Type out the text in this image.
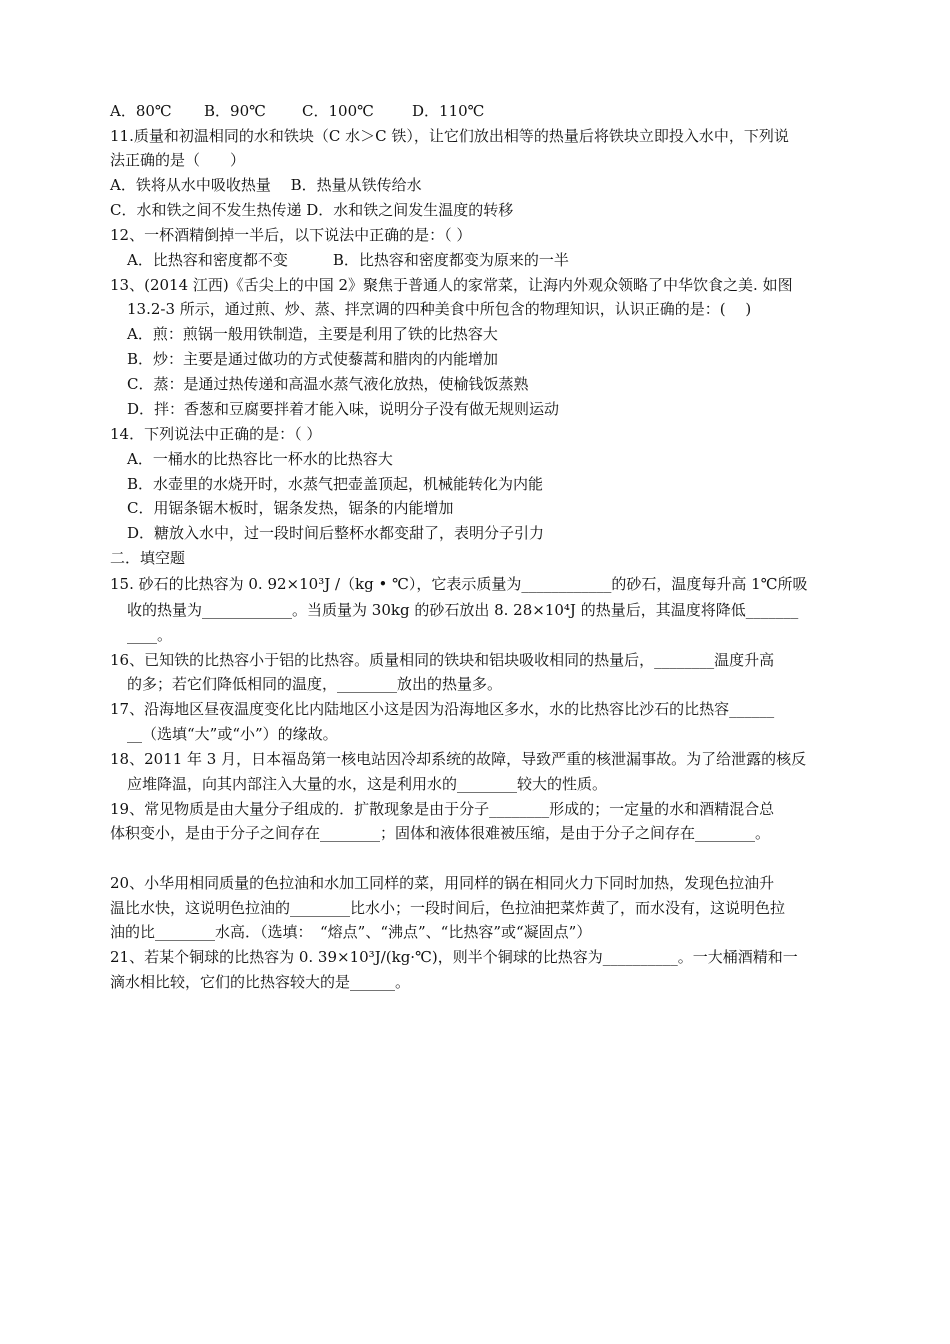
A．80℃ B．90℃ C．100℃	D．110℃
11.质量和初温相同的水和铁块（C 水＞C 铁），让它们放出相等的热量后将铁块立即投入水中，下列说
法正确的是（　　）
A．铁将从水中吸收热量　 B．热量从铁传给水
C．水和铁之间不发生热传递 D．水和铁之间发生温度的转移
12、一杯酒精倒掉一半后，以下说法中正确的是：（ ）
A．比热容和密度都不变　　　B．比热容和密度都变为原来的一半
13、(2014 江西)《舌尖上的中国 2》聚焦于普通人的家常菜，让海内外观众领略了中华饮食之美. 如图
13.2-3 所示，通过煎、炒、蒸、拌烹调的四种美食中所包含的物理知识，认识正确的是：(　 )
A．煎：煎锅一般用铁制造，主要是利用了铁的比热容大
B．炒：主要是通过做功的方式使藜蒿和腊肉的内能增加
C．蒸：是通过热传递和高温水蒸气液化放热，使榆钱饭蒸熟
D．拌：香葱和豆腐要拌着才能入味，说明分子没有做无规则运动
14．下列说法中正确的是：（ ）
A．一桶水的比热容比一杯水的比热容大
B．水壶里的水烧开时，水蒸气把壶盖顶起，机械能转化为内能
C．用锯条锯木板时，锯条发热，锯条的内能增加
D．糖放入水中，过一段时间后整杯水都变甜了，表明分子引力
二．填空题
15. 砂石的比热容为 0. 92×10³J /（kg • ℃），它表示质量为____________的砂石，温度每升高 1℃所吸
收的热量为____________。当质量为 30kg 的砂石放出 8. 28×10⁴J 的热量后，其温度将降低_______
____。
16、已知铁的比热容小于铝的比热容。质量相同的铁块和铝块吸收相同的热量后，________温度升高
的多；若它们降低相同的温度，________放出的热量多。
17、沿海地区昼夜温度变化比内陆地区小这是因为沿海地区多水，水的比热容比沙石的比热容______
__（选填“大”或“小”）的缘故。
18、2011 年 3 月，日本福岛第一核电站因冷却系统的故障，导致严重的核泄漏事故。为了给泄露的核反
应堆降温，向其内部注入大量的水，这是利用水的________较大的性质。
19、常见物质是由大量分子组成的．扩散现象是由于分子________形成的；一定量的水和酒精混合总
体积变小，是由于分子之间存在________；固体和液体很难被压缩，是由于分子之间存在________。
20、小华用相同质量的色拉油和水加工同样的菜，用同样的锅在相同火力下同时加热，发现色拉油升
温比水快，这说明色拉油的________比水小；一段时间后，色拉油把菜炸黄了，而水没有，这说明色拉
油的比________水高．（选填：　“熔点”、“沸点”、“比热容”或“凝固点”）
21、若某个铜球的比热容为 0. 39×10³J/(kg·℃)，则半个铜球的比热容为__________。一大桶酒精和一
滴水相比较，它们的比热容较大的是______。
